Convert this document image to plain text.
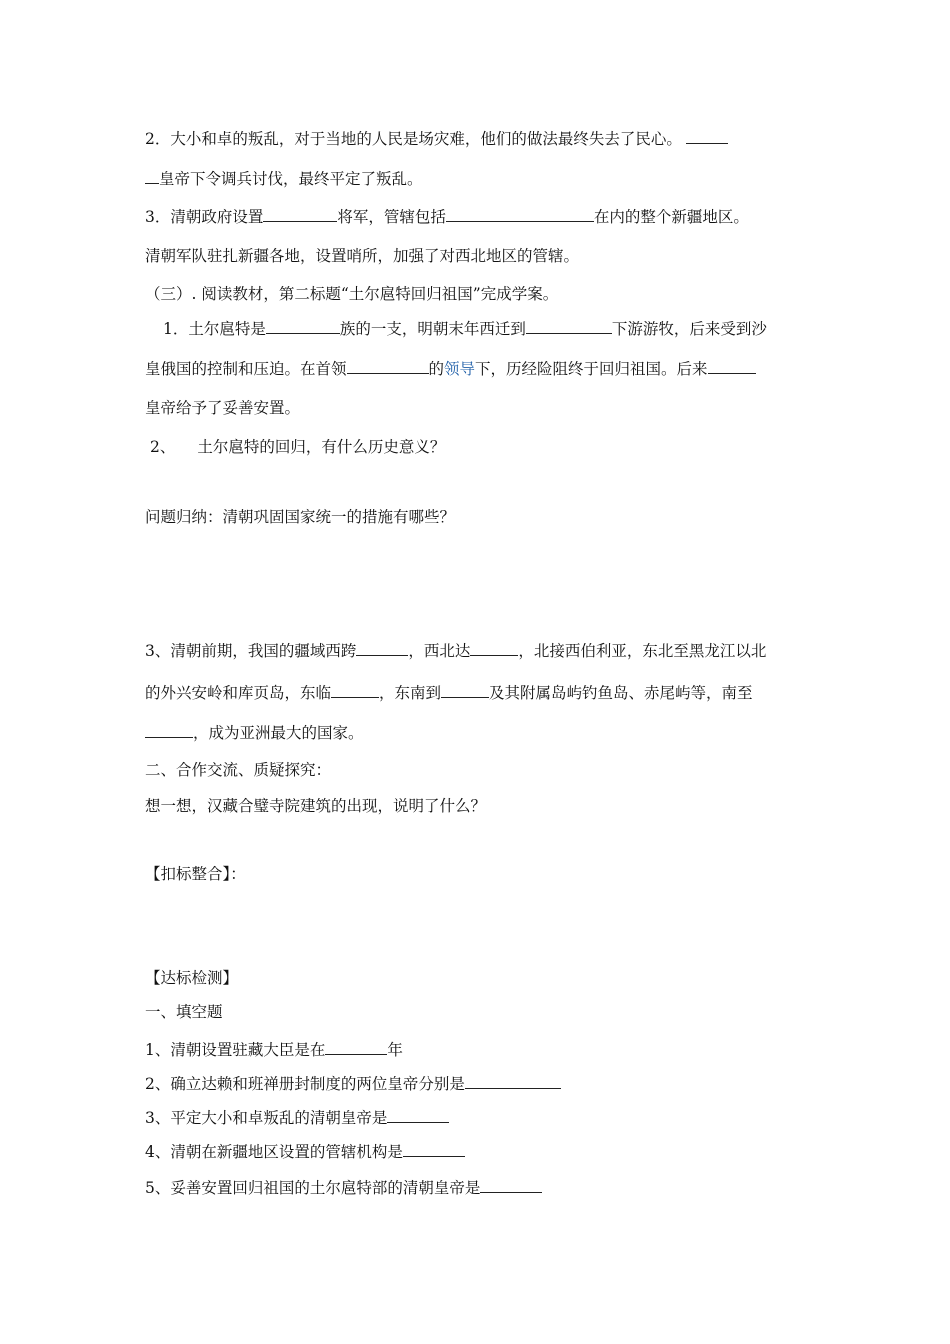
2．大小和卓的叛乱，对于当地的人民是场灾难，他们的做法最终失去了民心。
皇帝下令调兵讨伐，最终平定了叛乱。
3．清朝政府设置	将军，管辖包括	在内的整个新疆地区。
清朝军队驻扎新疆各地，设置哨所，加强了对西北地区的管辖。
（三）. 阅读教材，第二标题“土尔扈特回归祖国”完成学案。
1．土尔扈特是	族的一支，明朝末年西迁到	下游游牧，后来受到沙
皇俄国的控制和压迫。在首领	的领导下，历经险阻终于回归祖国。后来
皇帝给予了妥善安置。
2、 土尔扈特的回归，有什么历史意义？
问题归纳：清朝巩固国家统一的措施有哪些？
3、清朝前期，我国的疆域西跨	，西北达	，北接西伯利亚，东北至黑龙江以北
的外兴安岭和库页岛，东临	，东南到	及其附属岛屿钓鱼岛、赤尾屿等，南至
，成为亚洲最大的国家。
二、合作交流、质疑探究：
想一想，汉藏合璧寺院建筑的出现，说明了什么？
【扣标整合】：
【达标检测】
一、填空题
1、清朝设置驻藏大臣是在	年
2、确立达赖和班禅册封制度的两位皇帝分别是
3、平定大小和卓叛乱的清朝皇帝是
4、清朝在新疆地区设置的管辖机构是
5、妥善安置回归祖国的土尔扈特部的清朝皇帝是
